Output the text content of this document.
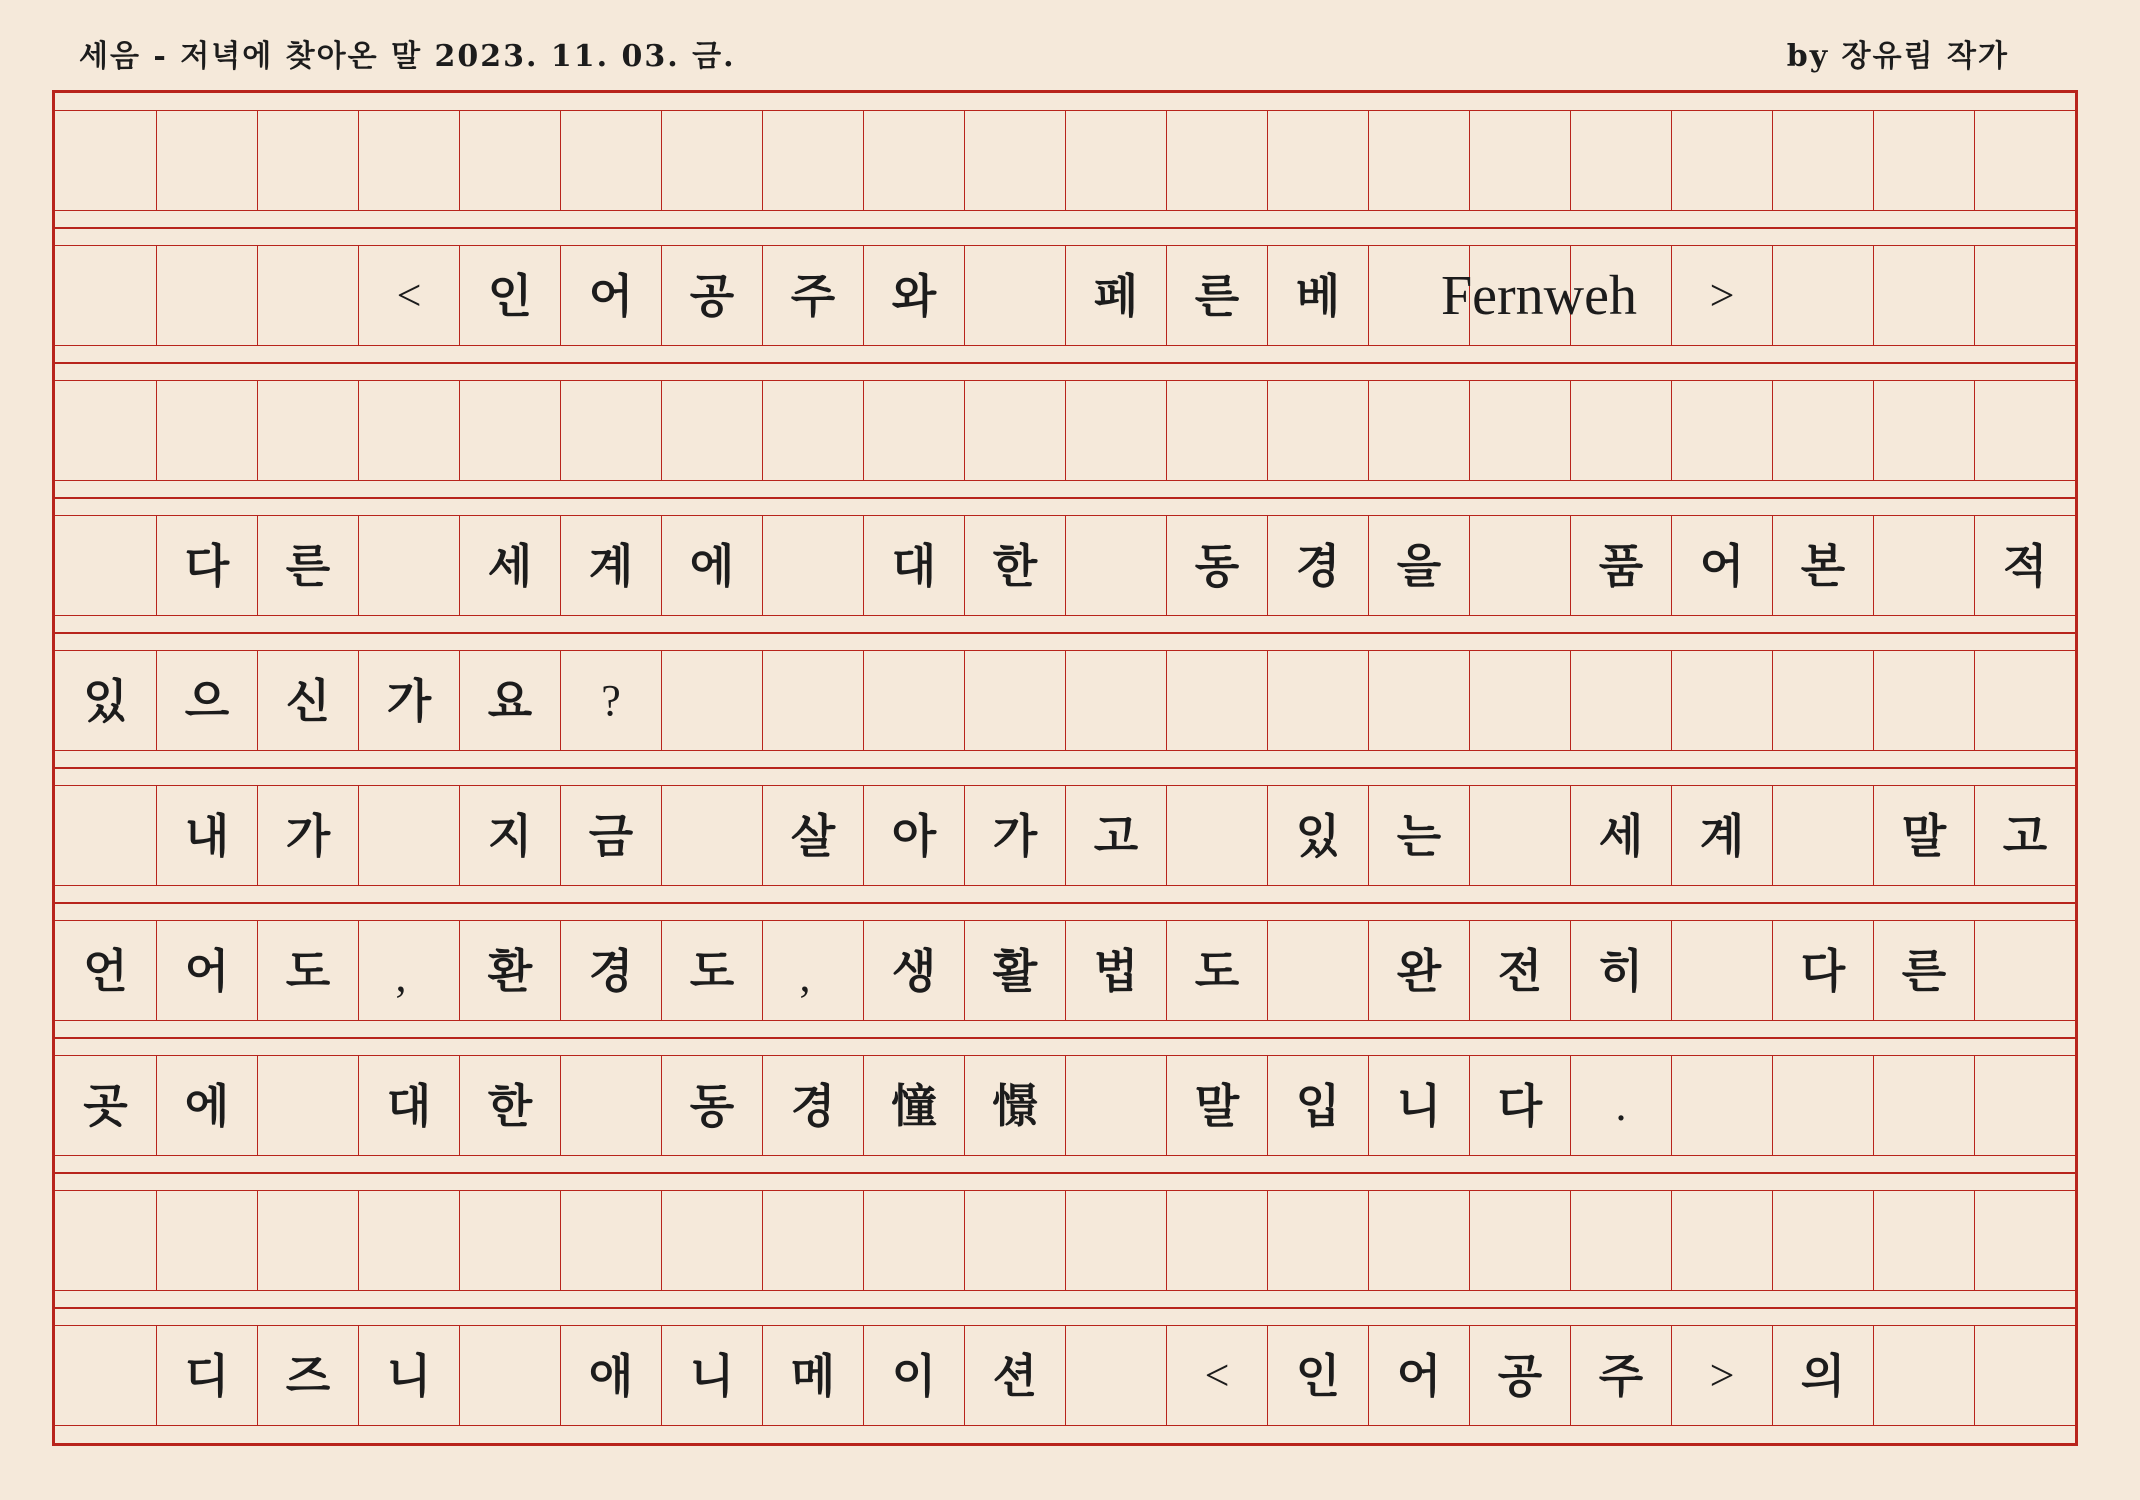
세음 - 저녁에 찾아온 말 2023. 11. 03. 금.	by 장유림 작가
< 인 어 공 주 와	페 른 베 Fernweh >
다 른	세 계 에	대 한	동 경 을	품 어 본	적
있 으 신 가 요 ?
내 가	지 금	살 아 가 고	있 는	세 계	말 고
언 어 도 , 환 경 도 , 생 활 법 도	완 전 히	다 른
곳 에	대 한	동 경 憧 憬	말 입 니 다 .
디 즈 니	애 니 메 이 션	< 인 어 공 주 > 의
